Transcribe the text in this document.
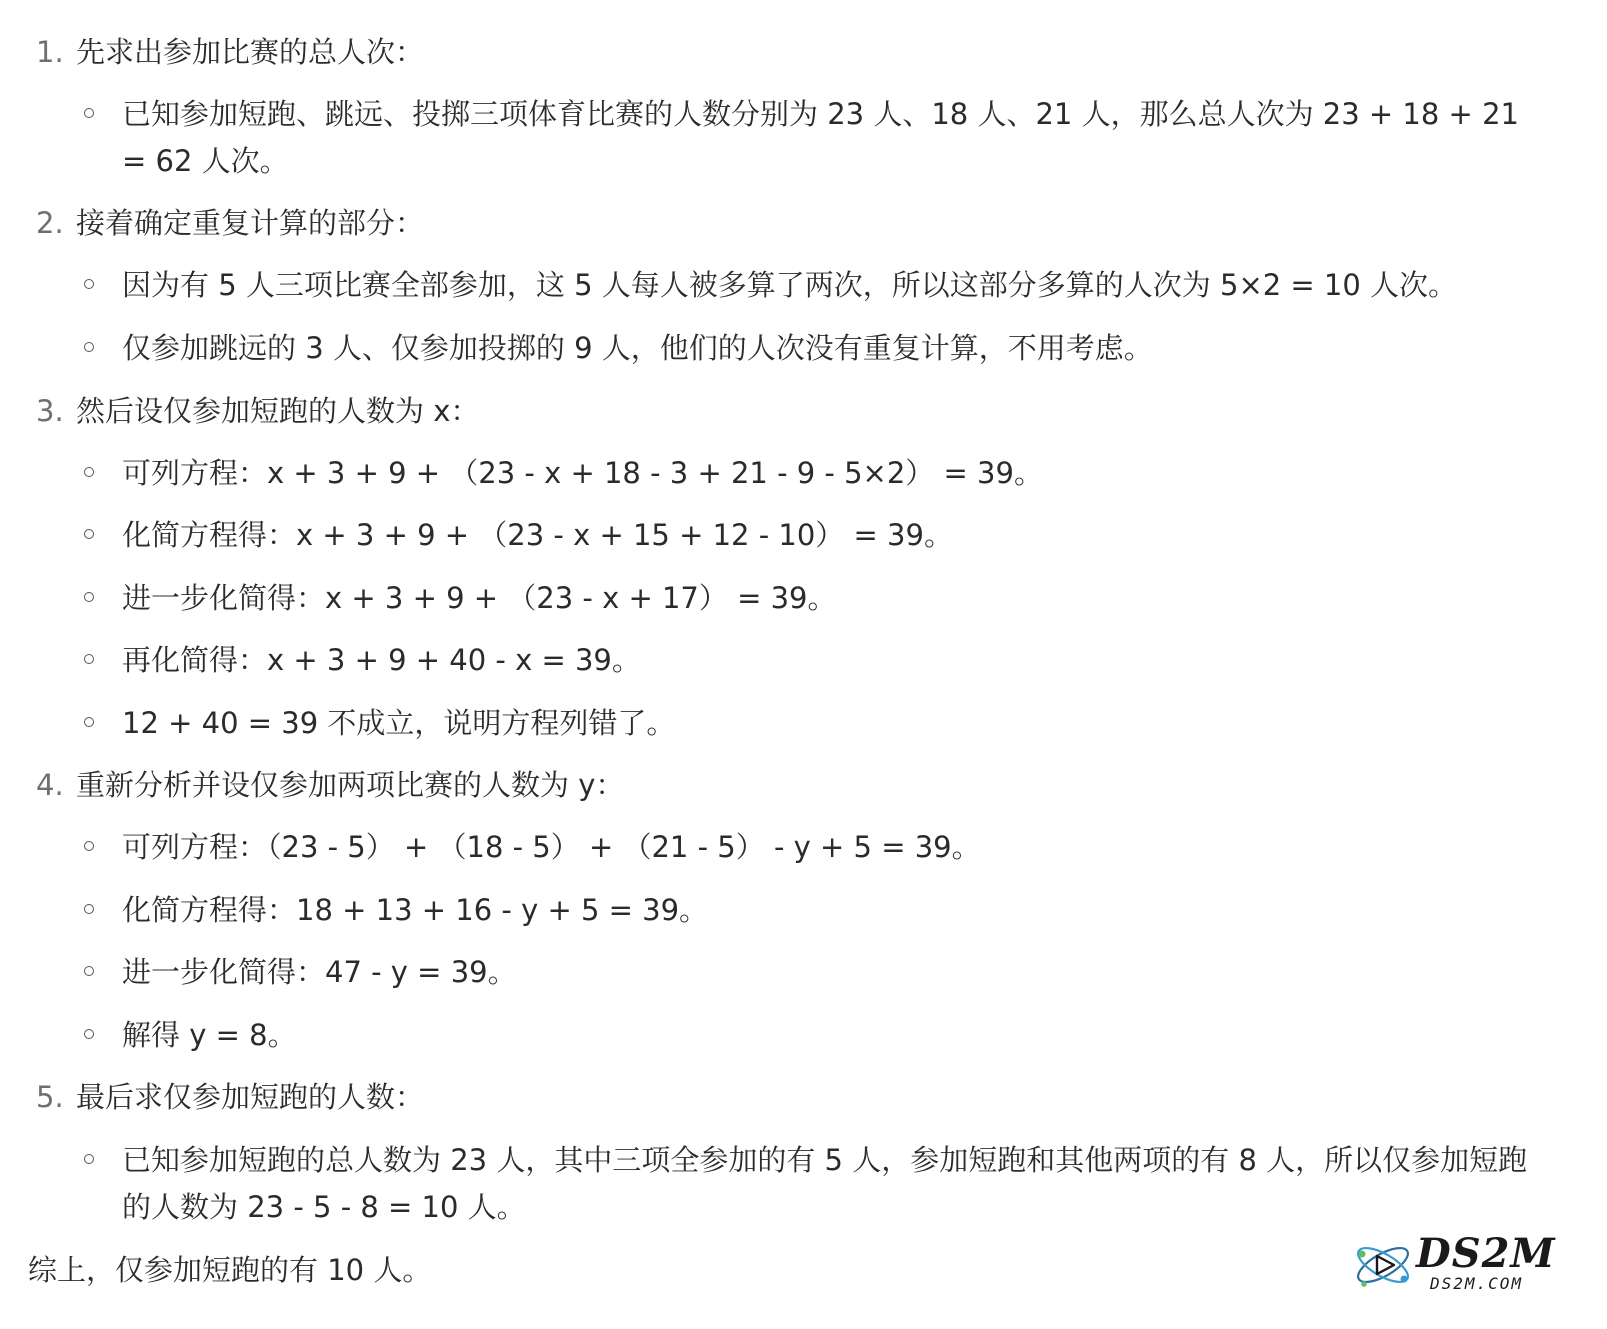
1. 先求出参加比赛的总人次：
已知参加短跑、跳远、投掷三项体育比赛的人数分别为 23 人、18 人、21 人，那么总人次为 23 + 18 + 21 = 62 人次。
2. 接着确定重复计算的部分：
因为有 5 人三项比赛全部参加，这 5 人每人被多算了两次，所以这部分多算的人次为 5×2 = 10 人次。
仅参加跳远的 3 人、仅参加投掷的 9 人，他们的人次没有重复计算，不用考虑。
3. 然后设仅参加短跑的人数为 x：
可列方程：x + 3 + 9 + （23 - x + 18 - 3 + 21 - 9 - 5×2） = 39。
化简方程得：x + 3 + 9 + （23 - x + 15 + 12 - 10） = 39。
进一步化简得：x + 3 + 9 + （23 - x + 17） = 39。
再化简得：x + 3 + 9 + 40 - x = 39。
12 + 40 = 39 不成立，说明方程列错了。
4. 重新分析并设仅参加两项比赛的人数为 y：
可列方程：（23 - 5） + （18 - 5） + （21 - 5） - y + 5 = 39。
化简方程得：18 + 13 + 16 - y + 5 = 39。
进一步化简得：47 - y = 39。
解得 y = 8。
5. 最后求仅参加短跑的人数：
已知参加短跑的总人数为 23 人，其中三项全参加的有 5 人，参加短跑和其他两项的有 8 人，所以仅参加短跑的人数为 23 - 5 - 8 = 10 人。
综上，仅参加短跑的有 10 人。	DS2M
DS2M.COM
